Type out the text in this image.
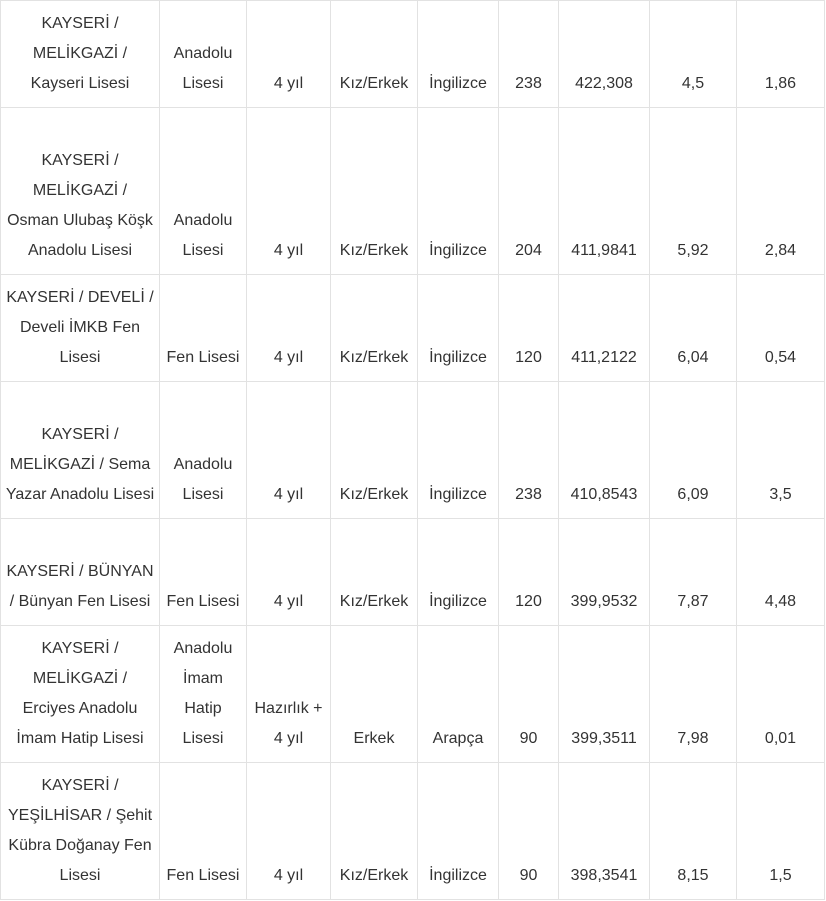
KAYSERİ / MELİKGAZİ / Kayseri Lisesi	Anadolu Lisesi	4 yıl	Kız/Erkek	İngilizce	238	422,308	4,5	1,86
KAYSERİ / MELİKGAZİ / Osman Ulubaş Köşk Anadolu Lisesi	Anadolu Lisesi	4 yıl	Kız/Erkek	İngilizce	204	411,9841	5,92	2,84
KAYSERİ / DEVELİ / Develi İMKB Fen Lisesi	Fen Lisesi	4 yıl	Kız/Erkek	İngilizce	120	411,2122	6,04	0,54
KAYSERİ / MELİKGAZİ / Sema Yazar Anadolu Lisesi	Anadolu Lisesi	4 yıl	Kız/Erkek	İngilizce	238	410,8543	6,09	3,5
KAYSERİ / BÜNYAN / Bünyan Fen Lisesi	Fen Lisesi	4 yıl	Kız/Erkek	İngilizce	120	399,9532	7,87	4,48
KAYSERİ / MELİKGAZİ / Erciyes Anadolu İmam Hatip Lisesi	Anadolu İmam Hatip Lisesi	Hazırlık + 4 yıl	Erkek	Arapça	90	399,3511	7,98	0,01
KAYSERİ / YEŞİLHİSAR / Şehit Kübra Doğanay Fen Lisesi	Fen Lisesi	4 yıl	Kız/Erkek	İngilizce	90	398,3541	8,15	1,5
